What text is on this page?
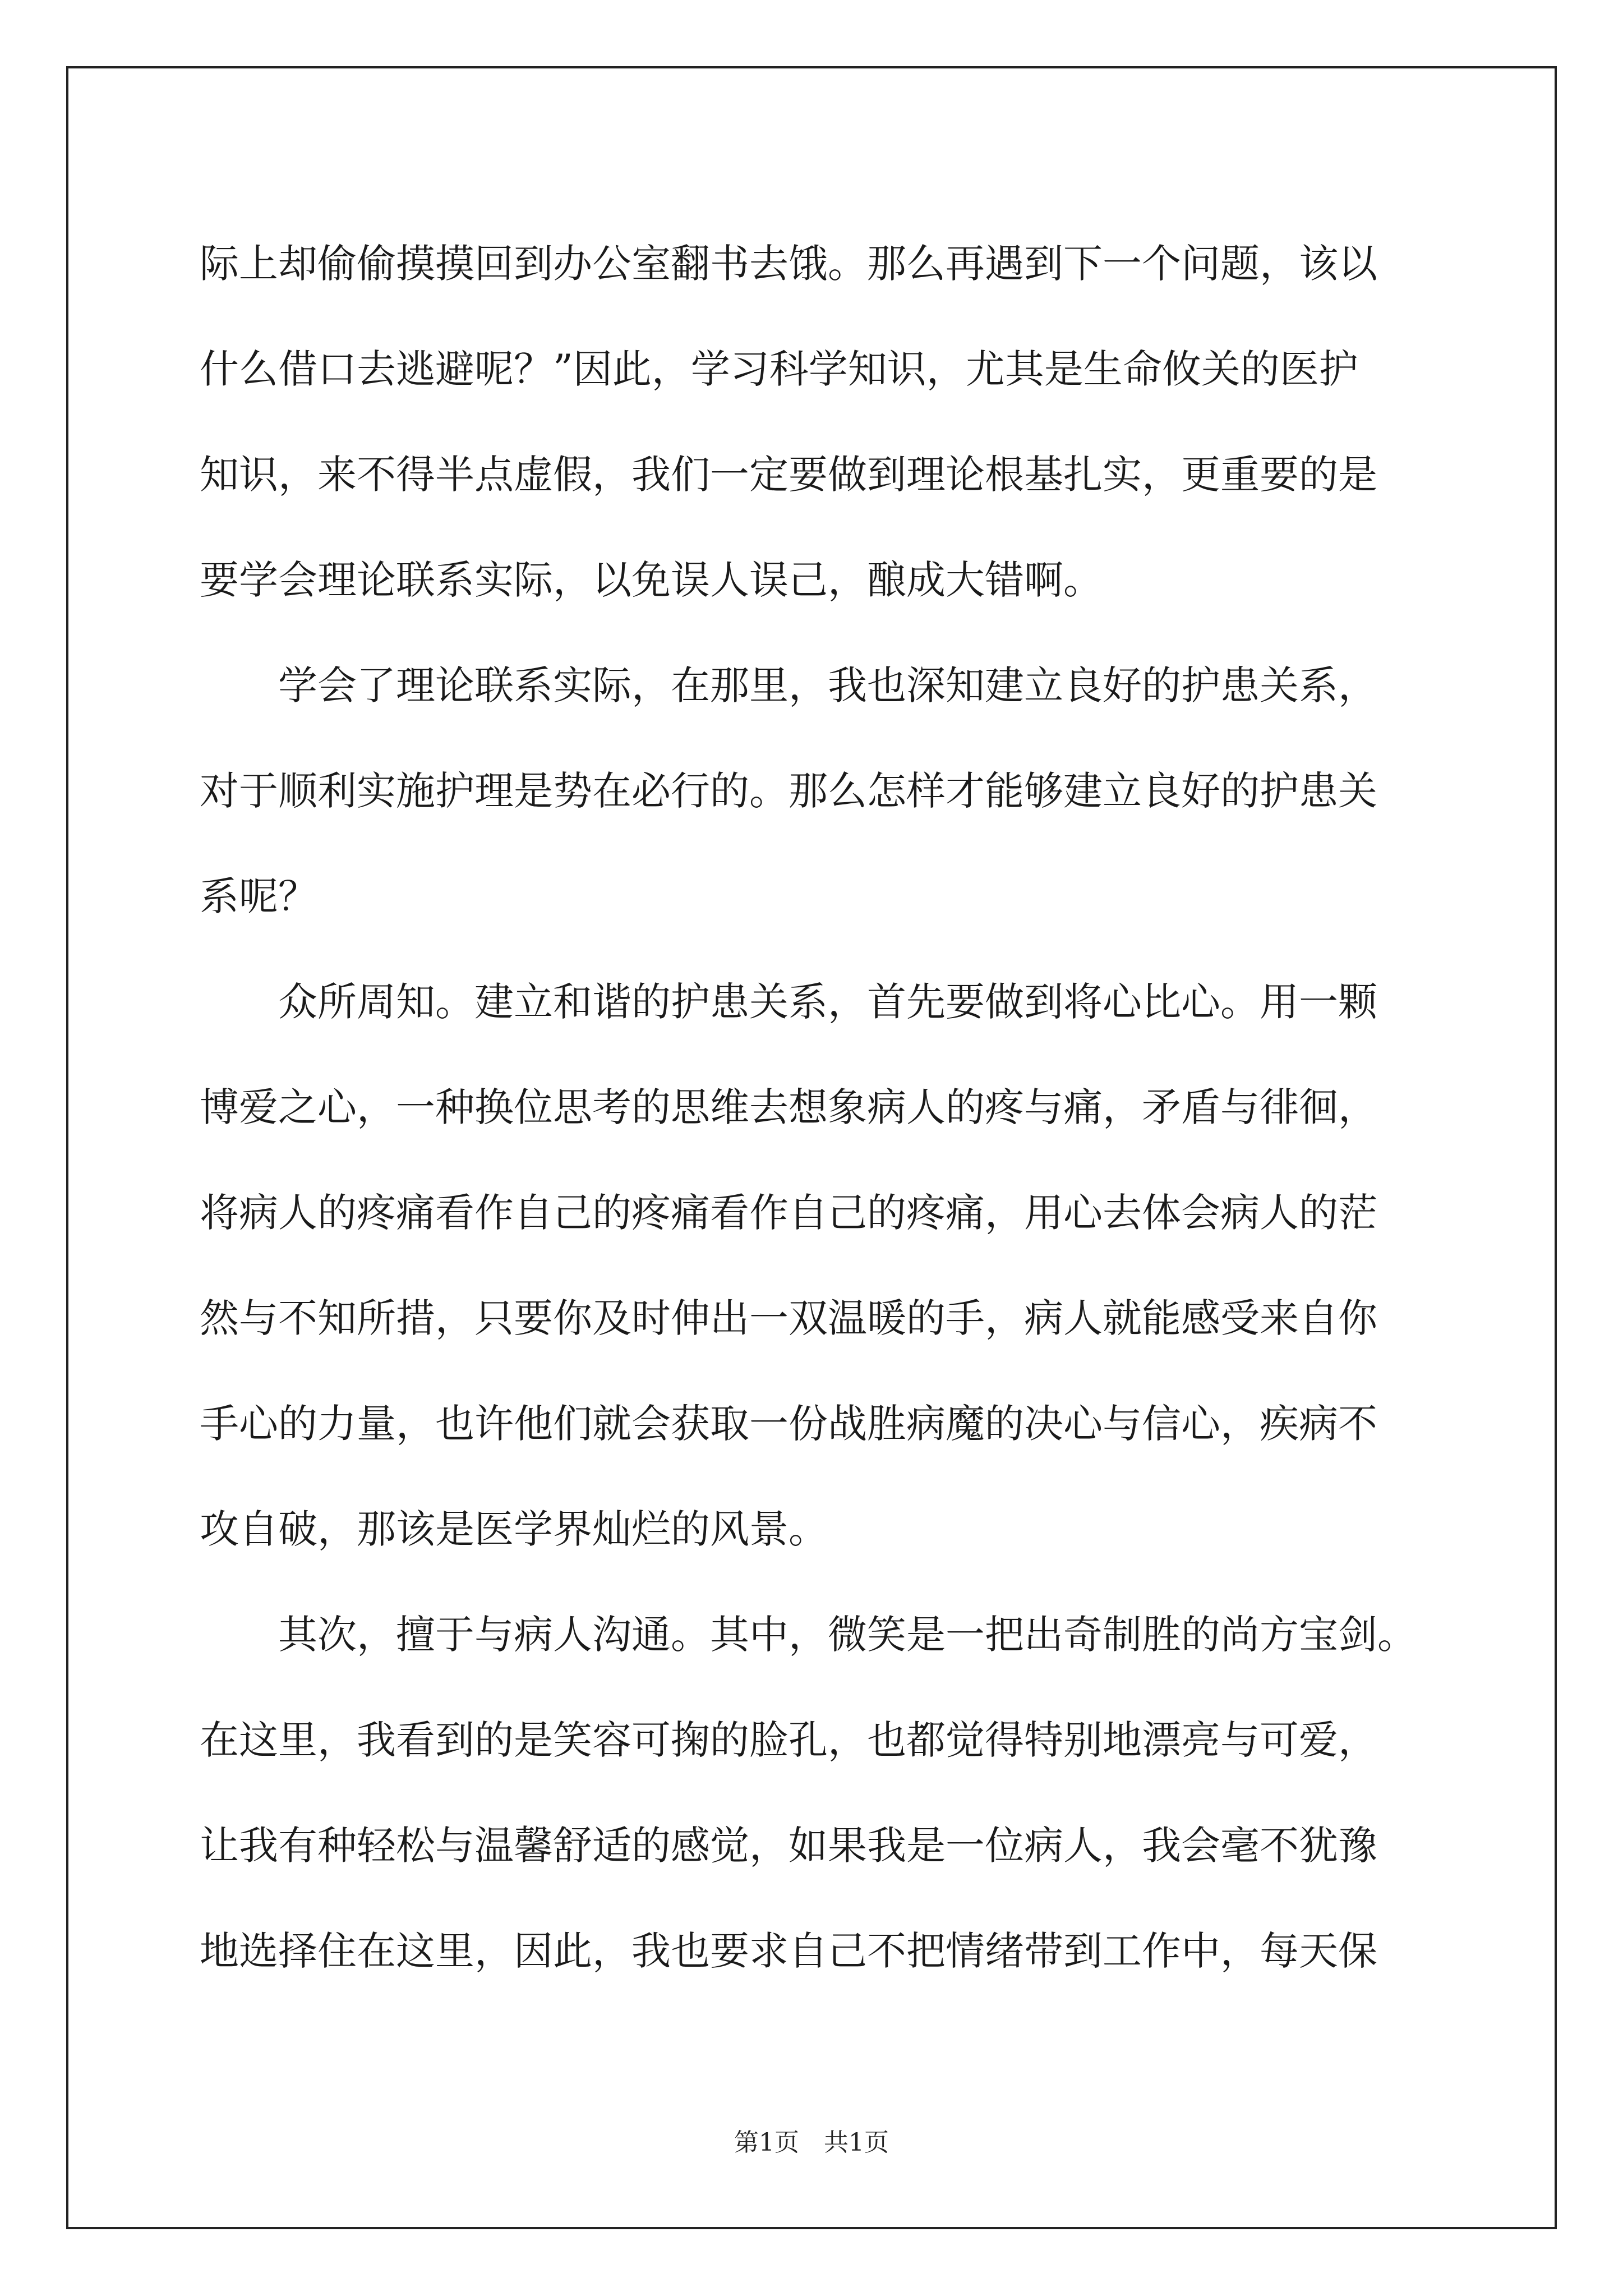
际上却偷偷摸摸回到办公室翻书去饿。那么再遇到下一个问题，该以
什么借口去逃避呢？”因此，学习科学知识，尤其是生命攸关的医护
知识，来不得半点虚假，我们一定要做到理论根基扎实，更重要的是
要学会理论联系实际，以免误人误己，酿成大错啊。
　　学会了理论联系实际，在那里，我也深知建立良好的护患关系，
对于顺利实施护理是势在必行的。那么怎样才能够建立良好的护患关
系呢？
　　众所周知。建立和谐的护患关系，首先要做到将心比心。用一颗
博爱之心，一种换位思考的思维去想象病人的疼与痛，矛盾与徘徊，
将病人的疼痛看作自己的疼痛看作自己的疼痛，用心去体会病人的茫
然与不知所措，只要你及时伸出一双温暖的手，病人就能感受来自你
手心的力量，也许他们就会获取一份战胜病魔的决心与信心，疾病不
攻自破，那该是医学界灿烂的风景。
　　其次，擅于与病人沟通。其中，微笑是一把出奇制胜的尚方宝剑。
在这里，我看到的是笑容可掬的脸孔，也都觉得特别地漂亮与可爱，
让我有种轻松与温馨舒适的感觉，如果我是一位病人，我会毫不犹豫
地选择住在这里，因此，我也要求自己不把情绪带到工作中，每天保
第1页　共1页
